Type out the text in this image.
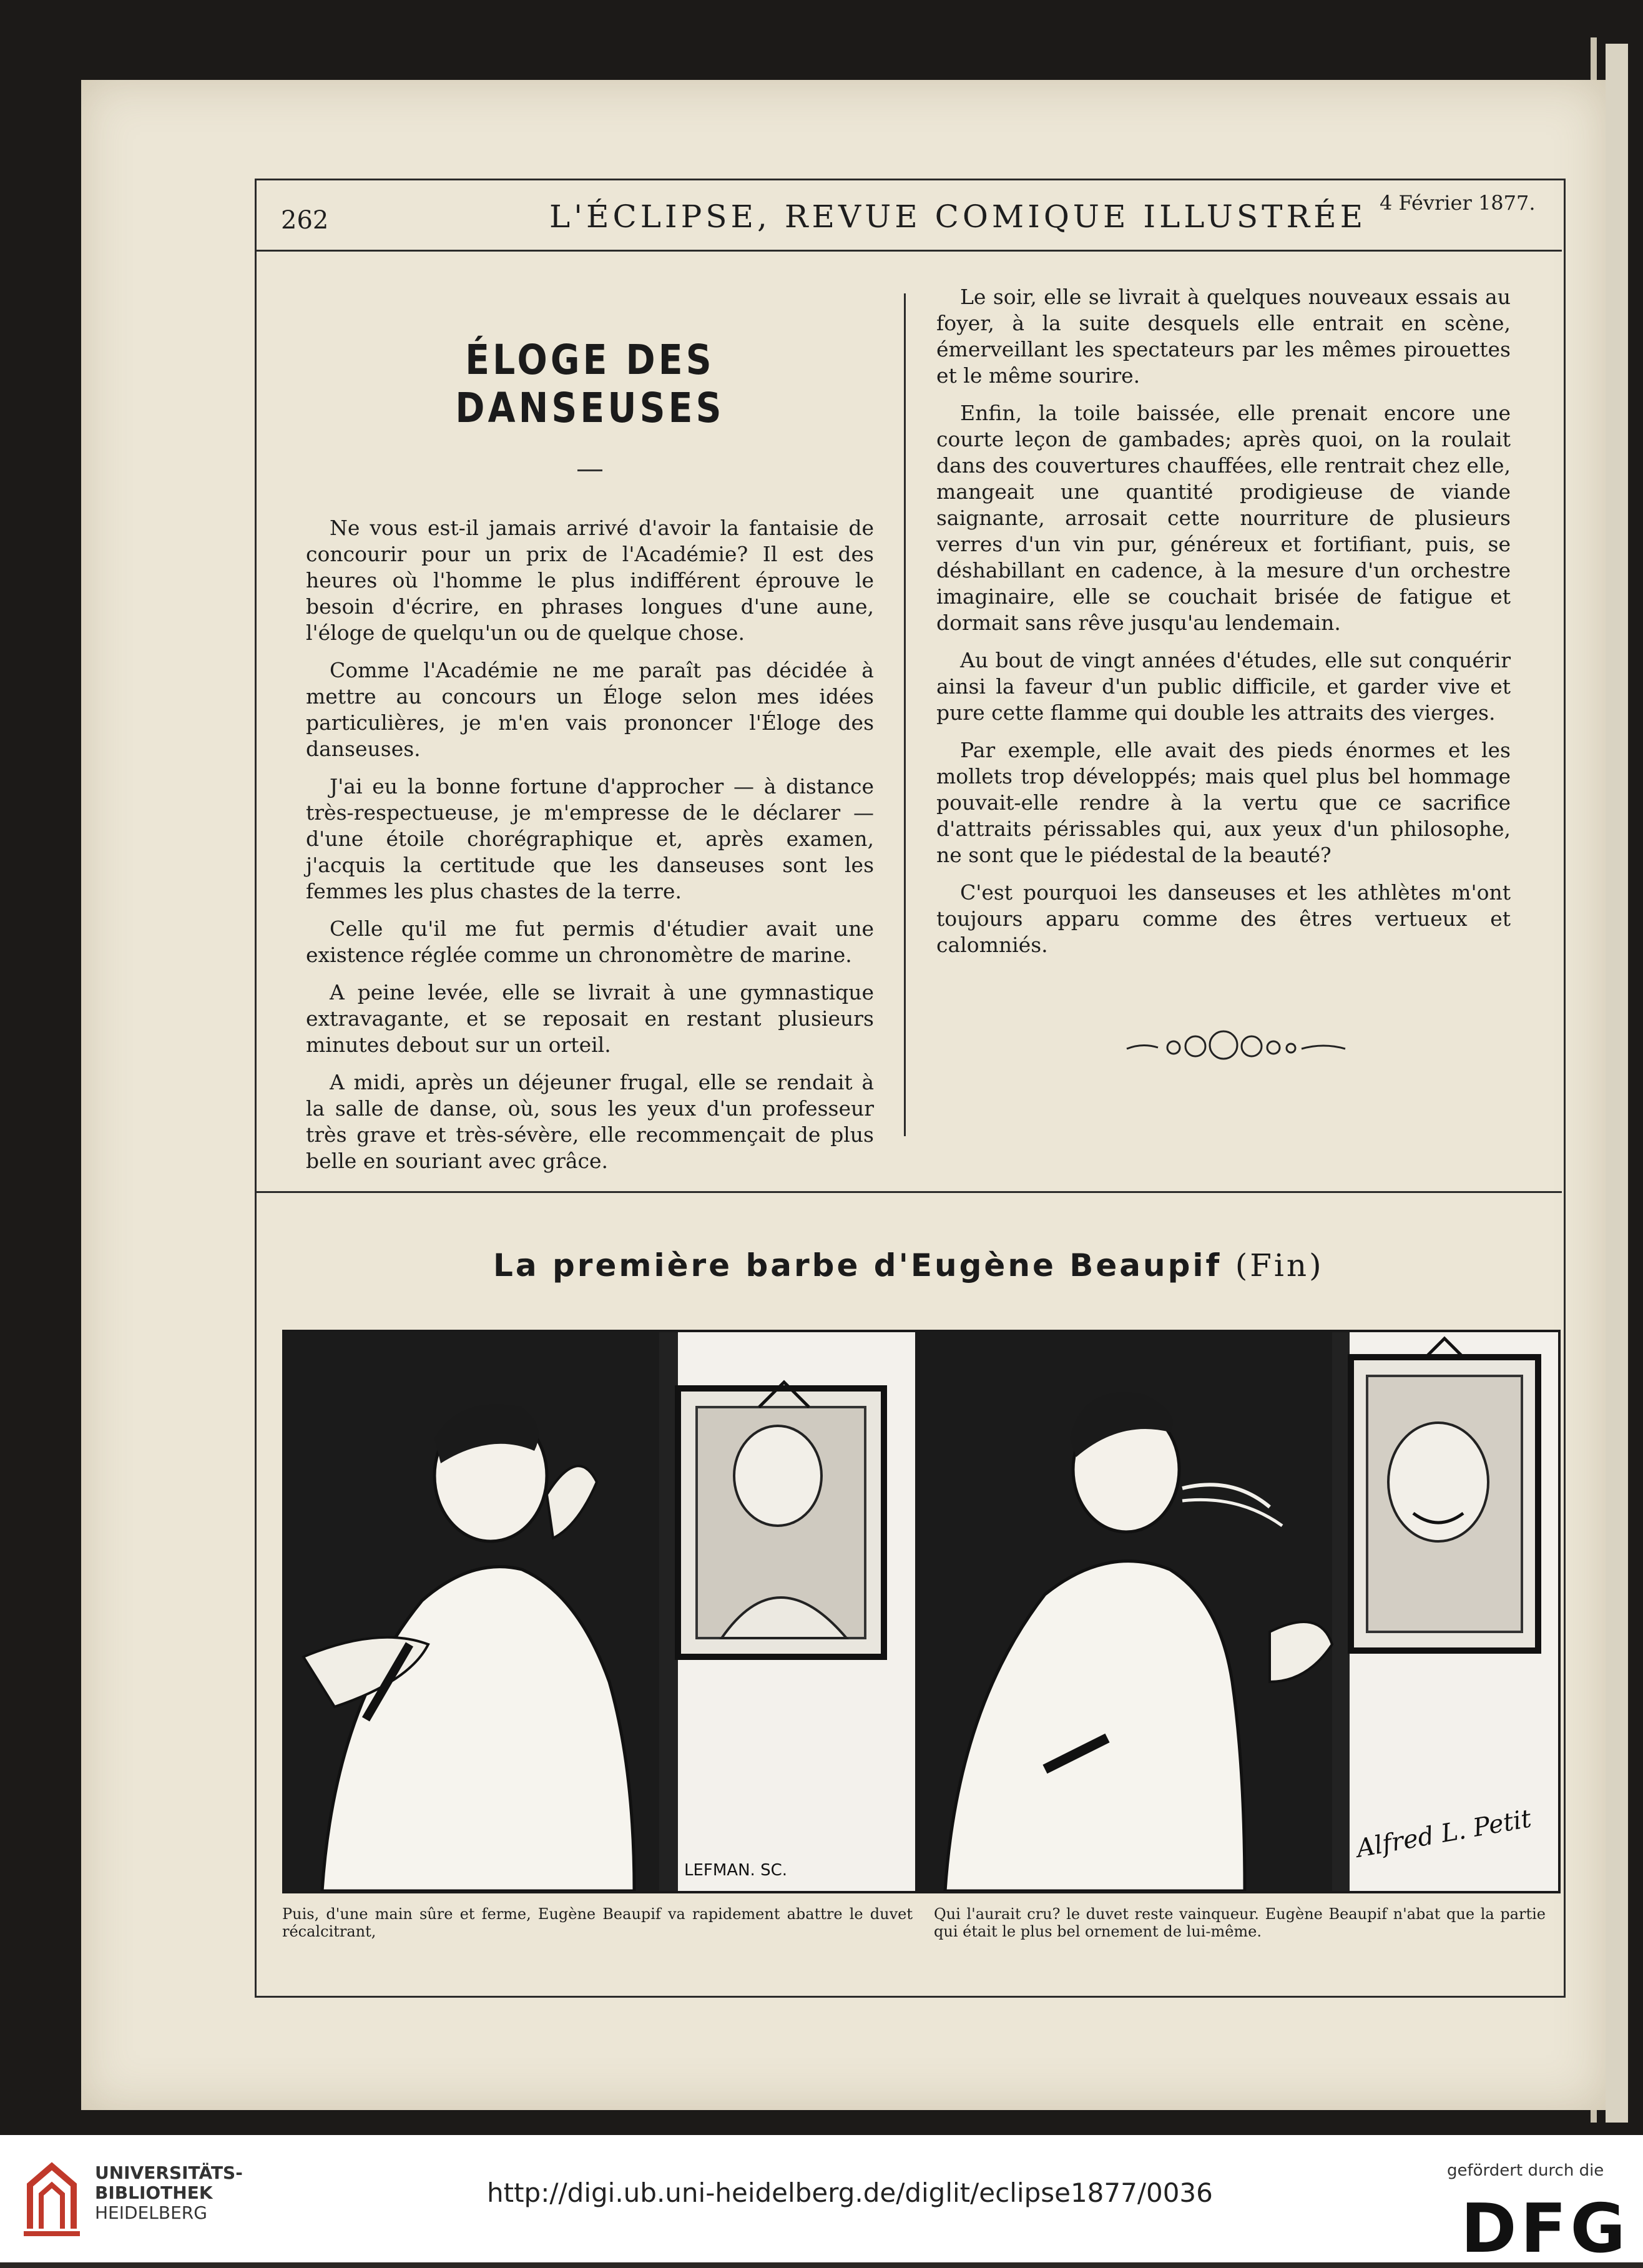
262	L'ÉCLIPSE, REVUE COMIQUE ILLUSTRÉE 4 Février 1877.
ÉLOGE DES DANSEUSES

Ne vous est-il jamais arrivé d'avoir la fantaisie de concourir pour un prix de l'Académie? Il est des heures où l'homme le plus indifférent éprouve le besoin d'écrire, en phrases longues d'une aune, l'éloge de quelqu'un ou de quelque chose.

Comme l'Académie ne me paraît pas décidée à mettre au concours un Éloge selon mes idées particulières, je m'en vais prononcer l'Éloge des danseuses.

J'ai eu la bonne fortune d'approcher — à distance très-respectueuse, je m'empresse de le déclarer — d'une étoile chorégraphique et, après examen, j'acquis la certitude que les danseuses sont les femmes les plus chastes de la terre.

Celle qu'il me fut permis d'étudier avait une existence réglée comme un chronomètre de marine.

A peine levée, elle se livrait à une gymnastique extravagante, et se reposait en restant plusieurs minutes debout sur un orteil.

A midi, après un déjeuner frugal, elle se rendait à la salle de danse, où, sous les yeux d'un professeur très grave et très-sévère, elle recommençait de plus belle en souriant avec grâce.

Le soir, elle se livrait à quelques nouveaux essais au foyer, à la suite desquels elle entrait en scène, émerveillant les spectateurs par les mêmes pirouettes et le même sourire.

Enfin, la toile baissée, elle prenait encore une courte leçon de gambades; après quoi, on la roulait dans des couvertures chauffées, elle rentrait chez elle, mangeait une quantité prodigieuse de viande saignante, arrosait cette nourriture de plusieurs verres d'un vin pur, généreux et fortifiant, puis, se déshabillant en cadence, à la mesure d'un orchestre imaginaire, elle se couchait brisée de fatigue et dormait sans rêve jusqu'au lendemain.

Au bout de vingt années d'études, elle sut conquérir ainsi la faveur d'un public difficile, et garder vive et pure cette flamme qui double les attraits des vierges.

Par exemple, elle avait des pieds énormes et les mollets trop développés; mais quel plus bel hommage pouvait-elle rendre à la vertu que ce sacrifice d'attraits périssables qui, aux yeux d'un philosophe, ne sont que le piédestal de la beauté?

C'est pourquoi les danseuses et les athlètes m'ont toujours apparu comme des êtres vertueux et calomniés.

La première barbe d'Eugène Beaupif (Fin)
LEFMAN. SC.
Alfred L. Petit
Puis, d'une main sûre et ferme, Eugène Beaupif va rapidement abattre le duvet récalcitrant,
Qui l'aurait cru? le duvet reste vainqueur. Eugène Beaupif n'abat que la partie qui était le plus bel ornement de lui-même.
UNIVERSITÄTS-
BIBLIOTHEK
HEIDELBERG
http://digi.ub.uni-heidelberg.de/diglit/eclipse1877/0036
gefördert durch die
DFG
